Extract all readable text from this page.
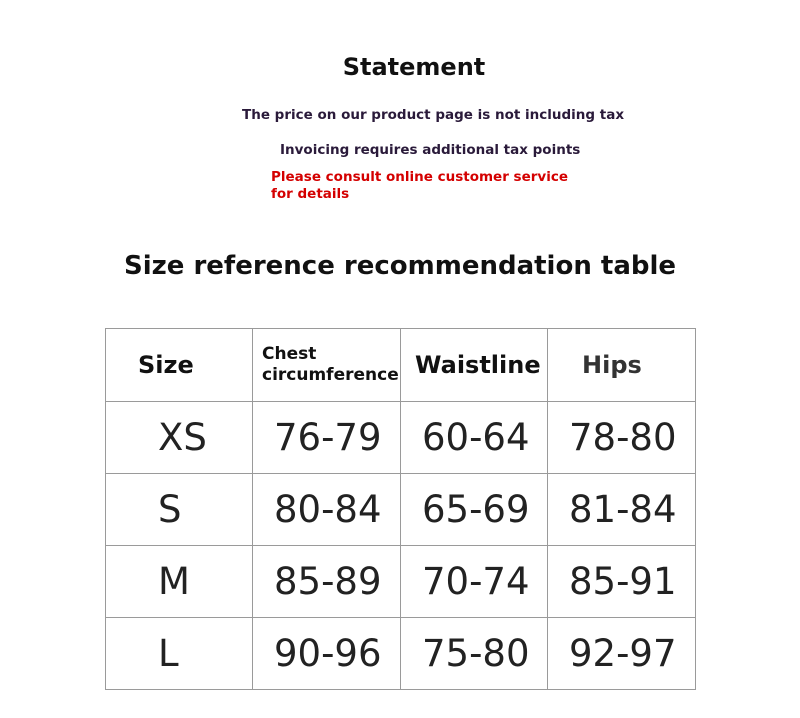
Statement
The price on our product page is not including tax
Invoicing requires additional tax points
Please consult online customer service for details
Size reference recommendation table
Size	Chest circumference	Waistline	Hips
XS	76-79	60-64	78-80
S	80-84	65-69	81-84
M	85-89	70-74	85-91
L	90-96	75-80	92-97
